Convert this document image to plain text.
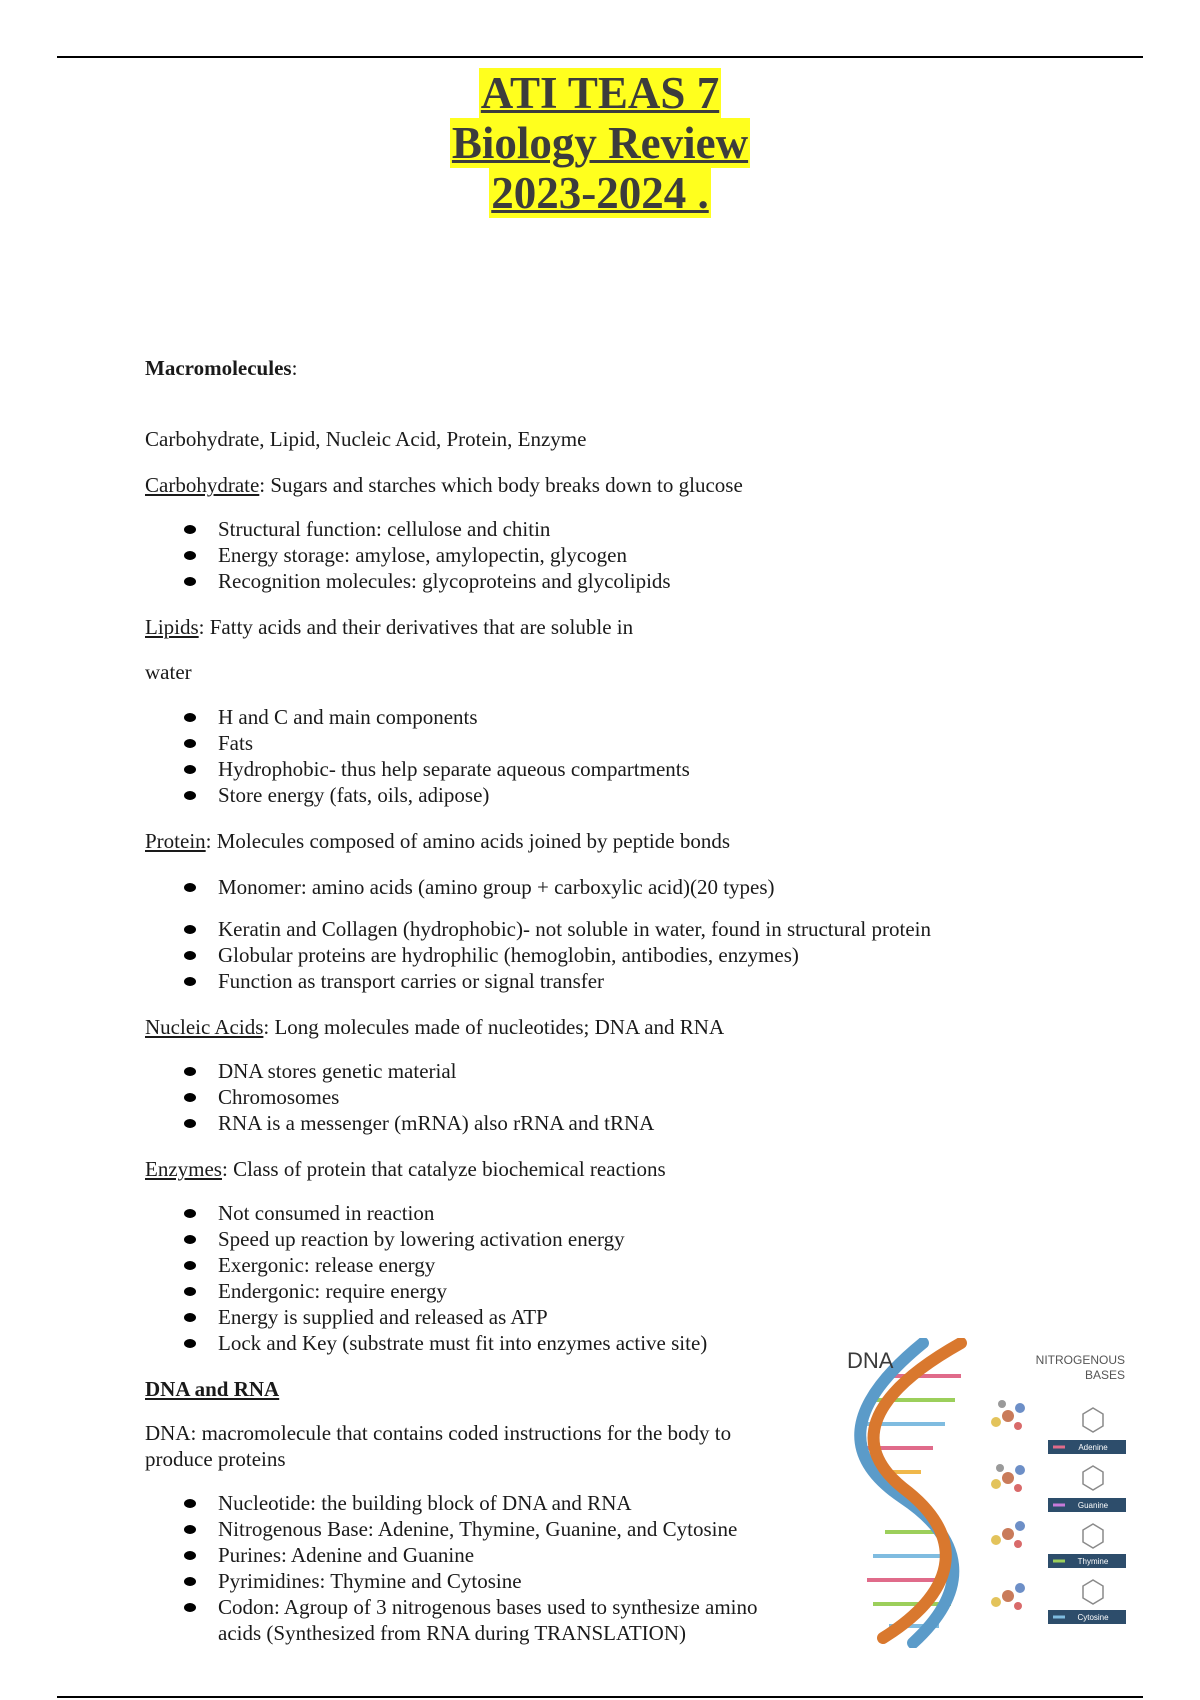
ATI TEAS 7
Biology Review
2023-2024 .

Macromolecules:

Carbohydrate, Lipid, Nucleic Acid, Protein, Enzyme

Carbohydrate: Sugars and starches which body breaks down to glucose

Structural function: cellulose and chitin
Energy storage: amylose, amylopectin, glycogen
Recognition molecules: glycoproteins and glycolipids

Lipids: Fatty acids and their derivatives that are soluble in

water

H and C and main components
Fats
Hydrophobic- thus help separate aqueous compartments
Store energy (fats, oils, adipose)

Protein: Molecules composed of amino acids joined by peptide bonds

Monomer: amino acids (amino group + carboxylic acid)(20 types)
Keratin and Collagen (hydrophobic)- not soluble in water, found in structural protein
Globular proteins are hydrophilic (hemoglobin, antibodies, enzymes)
Function as transport carries or signal transfer

Nucleic Acids: Long molecules made of nucleotides; DNA and RNA

DNA stores genetic material
Chromosomes
RNA is a messenger (mRNA) also rRNA and tRNA

Enzymes: Class of protein that catalyze biochemical reactions

Not consumed in reaction
Speed up reaction by lowering activation energy
Exergonic: release energy
Endergonic: require energy
Energy is supplied and released as ATP
Lock and Key (substrate must fit into enzymes active site)

DNA and RNA

DNA: macromolecule that contains coded instructions for the body to produce proteins

Nucleotide: the building block of DNA and RNA
Nitrogenous Base: Adenine, Thymine, Guanine, and Cytosine
Purines: Adenine and Guanine
Pyrimidines: Thymine and Cytosine
Codon: Agroup of 3 nitrogenous bases used to synthesize amino acids (Synthesized from RNA during TRANSLATION)
Adenine
Guanine
Thymine
Cytosine
DNA	NITROGENOUS
BASES
